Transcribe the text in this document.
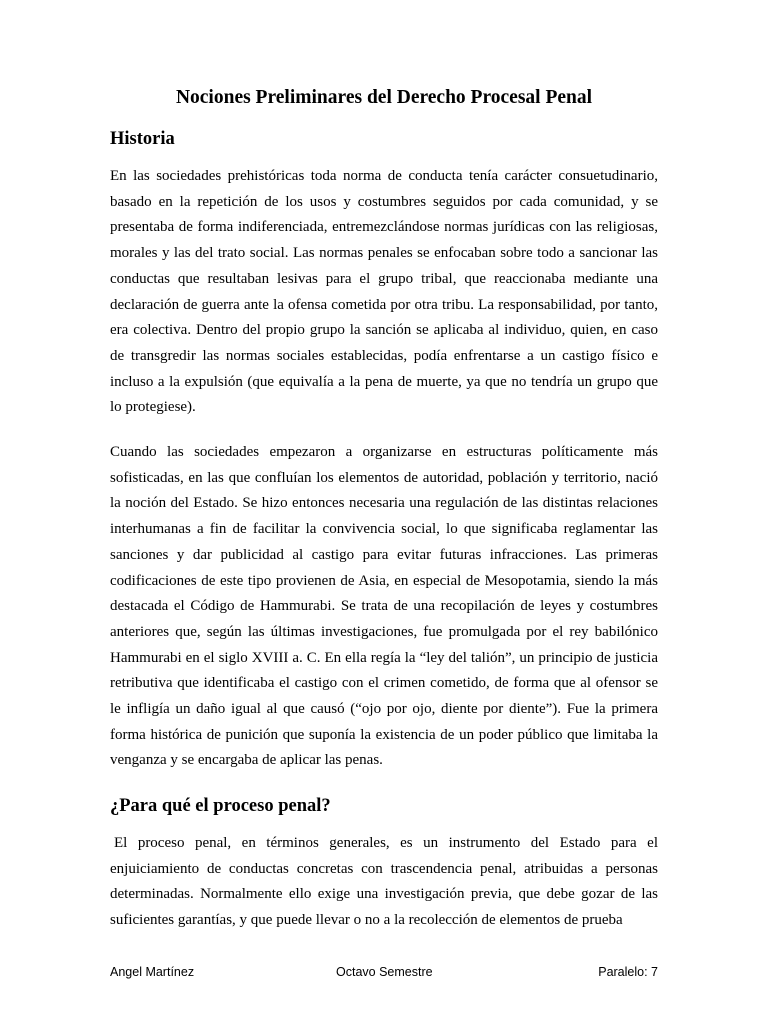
Nociones Preliminares del Derecho Procesal Penal
Historia

En las sociedades prehistóricas toda norma de conducta tenía carácter consuetudinario, basado en la repetición de los usos y costumbres seguidos por cada comunidad, y se presentaba de forma indiferenciada, entremezclándose normas jurídicas con las religiosas, morales y las del trato social. Las normas penales se enfocaban sobre todo a sancionar las conductas que resultaban lesivas para el grupo tribal, que reaccionaba mediante una declaración de guerra ante la ofensa cometida por otra tribu. La responsabilidad, por tanto, era colectiva. Dentro del propio grupo la sanción se aplicaba al individuo, quien, en caso de transgredir las normas sociales establecidas, podía enfrentarse a un castigo físico e incluso a la expulsión (que equivalía a la pena de muerte, ya que no tendría un grupo que lo protegiese).

Cuando las sociedades empezaron a organizarse en estructuras políticamente más sofisticadas, en las que confluían los elementos de autoridad, población y territorio, nació la noción del Estado. Se hizo entonces necesaria una regulación de las distintas relaciones interhumanas a fin de facilitar la convivencia social, lo que significaba reglamentar las sanciones y dar publicidad al castigo para evitar futuras infracciones. Las primeras codificaciones de este tipo provienen de Asia, en especial de Mesopotamia, siendo la más destacada el Código de Hammurabi. Se trata de una recopilación de leyes y costumbres anteriores que, según las últimas investigaciones, fue promulgada por el rey babilónico Hammurabi en el siglo XVIII a. C. En ella regía la “ley del talión”, un principio de justicia retributiva que identificaba el castigo con el crimen cometido, de forma que al ofensor se le infligía un daño igual al que causó (“ojo por ojo, diente por diente”). Fue la primera forma histórica de punición que suponía la existencia de un poder público que limitaba la venganza y se encargaba de aplicar las penas.

¿Para qué el proceso penal?

El proceso penal, en términos generales, es un instrumento del Estado para el enjuiciamiento de conductas concretas con trascendencia penal, atribuidas a personas determinadas. Normalmente ello exige una investigación previa, que debe gozar de las suficientes garantías, y que puede llevar o no a la recolección de elementos de prueba

Angel Martínez	Octavo Semestre	Paralelo: 7
